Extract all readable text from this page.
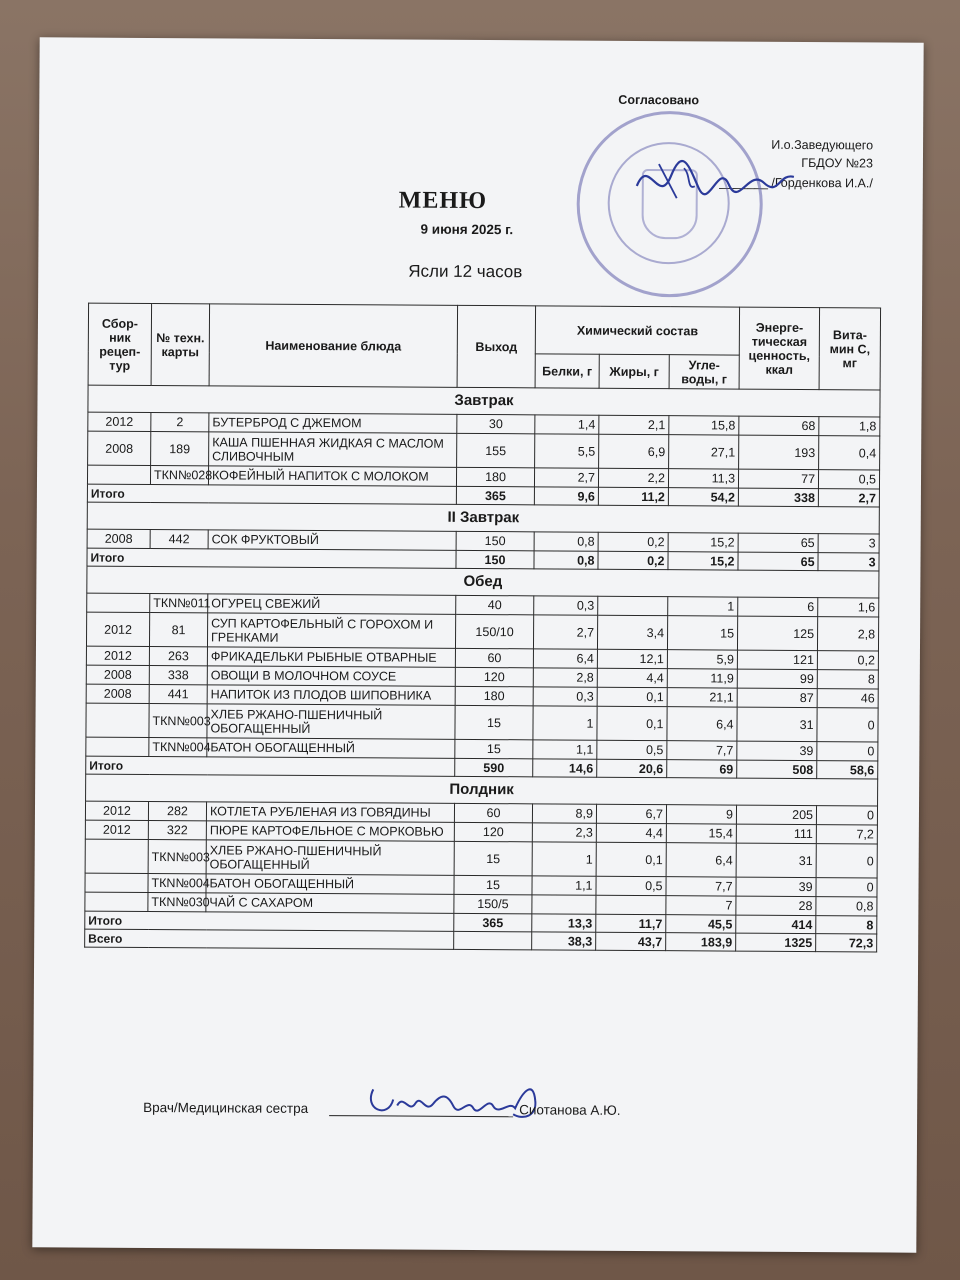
Согласовано
И.о.Заведующего
ГБДОУ №23
_______ /Горденкова И.А./
МЕНЮ
9 июня 2025 г.
Ясли 12 часов
Сбор-ник рецеп-тур	№ техн. карты	Наименование блюда	Выход	Химический состав			Энерге-тическая ценность, ккал	Вита-мин С, мг
				Белки, г	Жиры, г	Угле-воды, г		
Завтрак								
2012	2	БУТЕРБРОД С ДЖЕМОМ	30	1,4	2,1	15,8	68	1,8
2008	189	КАША ПШЕННАЯ ЖИДКАЯ С МАСЛОМ СЛИВОЧНЫМ	155	5,5	6,9	27,1	193	0,4
	ТКN№028	КОФЕЙНЫЙ НАПИТОК С МОЛОКОМ	180	2,7	2,2	11,3	77	0,5
Итого			365	9,6	11,2	54,2	338	2,7
II Завтрак								
2008	442	СОК ФРУКТОВЫЙ	150	0,8	0,2	15,2	65	3
Итого			150	0,8	0,2	15,2	65	3
Обед								
	ТКN№011	ОГУРЕЦ СВЕЖИЙ	40	0,3		1	6	1,6
2012	81	СУП КАРТОФЕЛЬНЫЙ С ГОРОХОМ И ГРЕНКАМИ	150/10	2,7	3,4	15	125	2,8
2012	263	ФРИКАДЕЛЬКИ РЫБНЫЕ ОТВАРНЫЕ	60	6,4	12,1	5,9	121	0,2
2008	338	ОВОЩИ В МОЛОЧНОМ СОУСЕ	120	2,8	4,4	11,9	99	8
2008	441	НАПИТОК ИЗ ПЛОДОВ ШИПОВНИКА	180	0,3	0,1	21,1	87	46
	ТКN№003	ХЛЕБ РЖАНО-ПШЕНИЧНЫЙ ОБОГАЩЕННЫЙ	15	1	0,1	6,4	31	0
	ТКN№004	БАТОН ОБОГАЩЕННЫЙ	15	1,1	0,5	7,7	39	0
Итого			590	14,6	20,6	69	508	58,6
Полдник								
2012	282	КОТЛЕТА РУБЛЕНАЯ ИЗ ГОВЯДИНЫ	60	8,9	6,7	9	205	0
2012	322	ПЮРЕ КАРТОФЕЛЬНОЕ С МОРКОВЬЮ	120	2,3	4,4	15,4	111	7,2
	ТКN№003	ХЛЕБ РЖАНО-ПШЕНИЧНЫЙ ОБОГАЩЕННЫЙ	15	1	0,1	6,4	31	0
	ТКN№004	БАТОН ОБОГАЩЕННЫЙ	15	1,1	0,5	7,7	39	0
	ТКN№030	ЧАЙ С САХАРОМ	150/5			7	28	0,8
Итого			365	13,3	11,7	45,5	414	8
Всего				38,3	43,7	183,9	1325	72,3
Врач/Медицинская сестра	Сиотанова А.Ю.
